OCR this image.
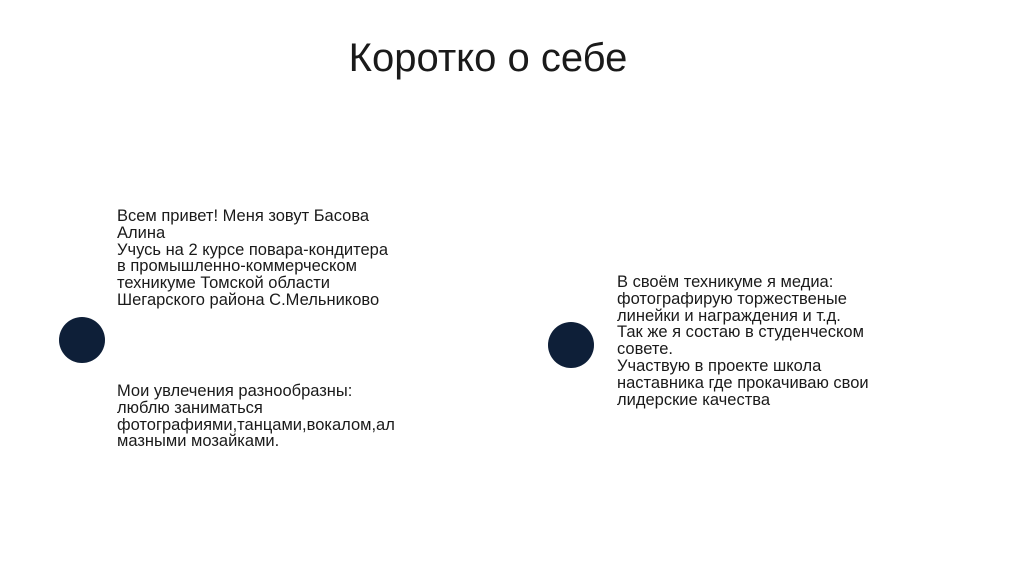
Коротко о себе

Всем привет! Меня зовут Басова
Алина
Учусь на 2 курсе повара-кондитера
в промышленно-коммерческом
техникуме Томской области
Шегарского района С.Мельниково

Мои увлечения разнообразны:
люблю заниматься
фотографиями,танцами,вокалом,ал
мазными мозайками.

В своём техникуме я медиа:
фотографирую торжественые
линейки и награждения и т.д.
Так же я состаю в студенческом
совете.
Участвую в проекте школа
наставника где прокачиваю свои
лидерские качества
